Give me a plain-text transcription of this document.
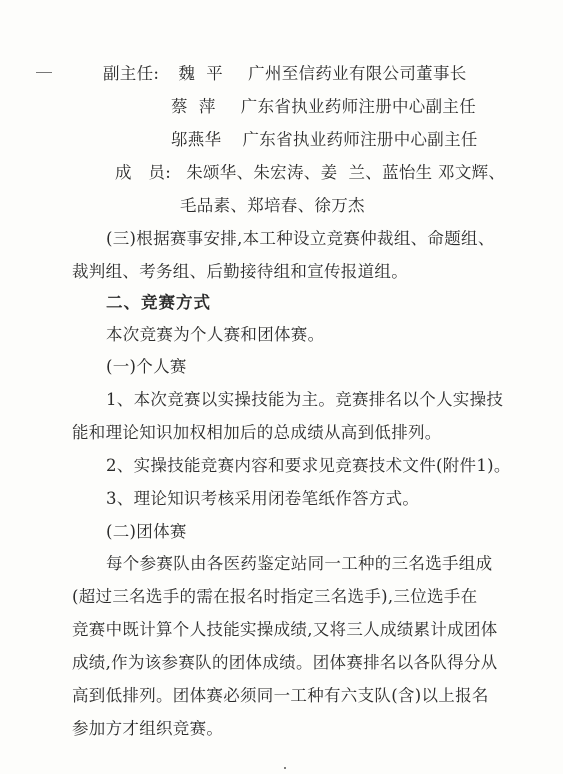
副主任: 魏  平 广州至信药业有限公司董事长
蔡  萍 广东省执业药师注册中心副主任
邬燕华 广东省执业药师注册中心副主任
成   员: 朱颂华、朱宏涛、姜  兰、蓝怡生 邓文辉、
毛品素、郑培春、徐万杰
(三)根据赛事安排,本工种设立竞赛仲裁组、命题组、
裁判组、考务组、后勤接待组和宣传报道组。
二、竞赛方式
本次竞赛为个人赛和团体赛。
(一)个人赛
1、本次竞赛以实操技能为主。竞赛排名以个人实操技
能和理论知识加权相加后的总成绩从高到低排列。
2、实操技能竞赛内容和要求见竞赛技术文件(附件1)。
3、理论知识考核采用闭卷笔纸作答方式。
(二)团体赛
每个参赛队由各医药鉴定站同一工种的三名选手组成
(超过三名选手的需在报名时指定三名选手),三位选手在
竞赛中既计算个人技能实操成绩,又将三人成绩累计成团体
成绩,作为该参赛队的团体成绩。团体赛排名以各队得分从
高到低排列。团体赛必须同一工种有六支队(含)以上报名
参加方才组织竞赛。
